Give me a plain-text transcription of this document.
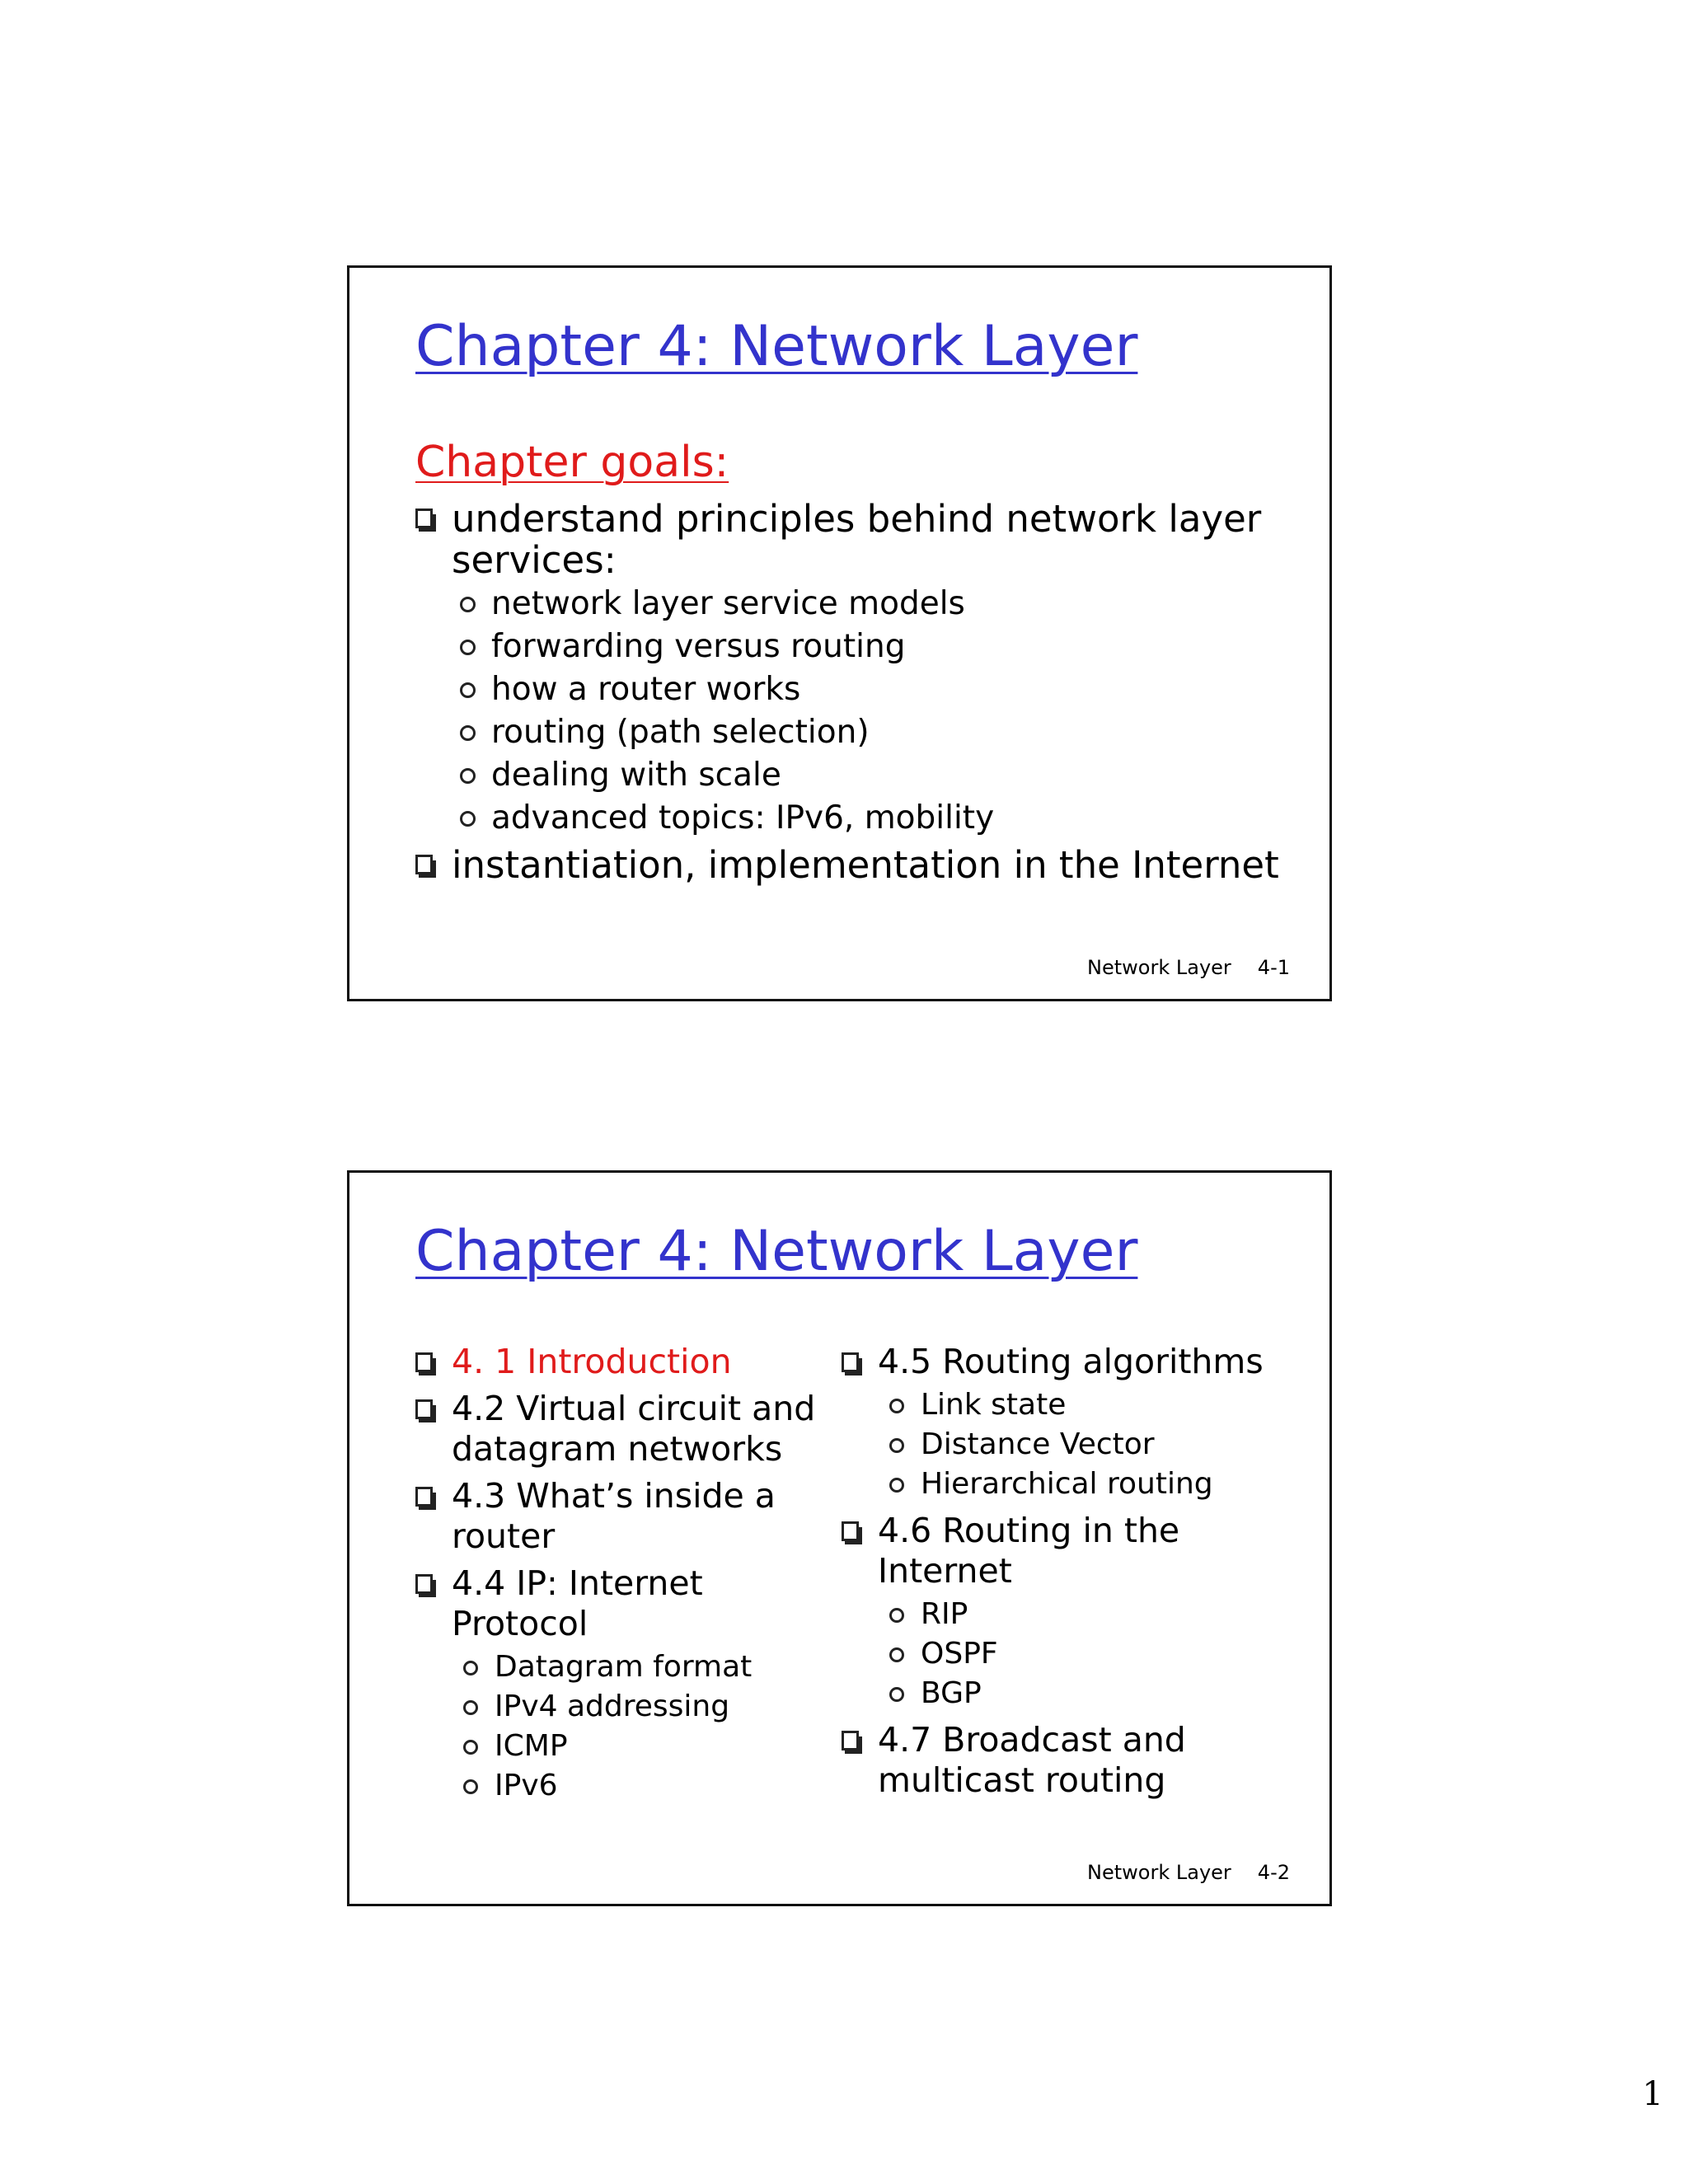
Chapter 4: Network Layer
Chapter goals:
understand principles behind network layer services:
network layer service models
forwarding versus routing
how a router works
routing (path selection)
dealing with scale
advanced topics: IPv6, mobility
instantiation, implementation in the Internet
Network Layer 4-1
Chapter 4: Network Layer
4. 1 Introduction
4.2 Virtual circuit and datagram networks
4.3 What’s inside a router
4.4 IP: Internet Protocol
Datagram format
IPv4 addressing
ICMP
IPv6
4.5 Routing algorithms
Link state
Distance Vector
Hierarchical routing
4.6 Routing in the Internet
RIP
OSPF
BGP
4.7 Broadcast and multicast routing
Network Layer 4-2
1
